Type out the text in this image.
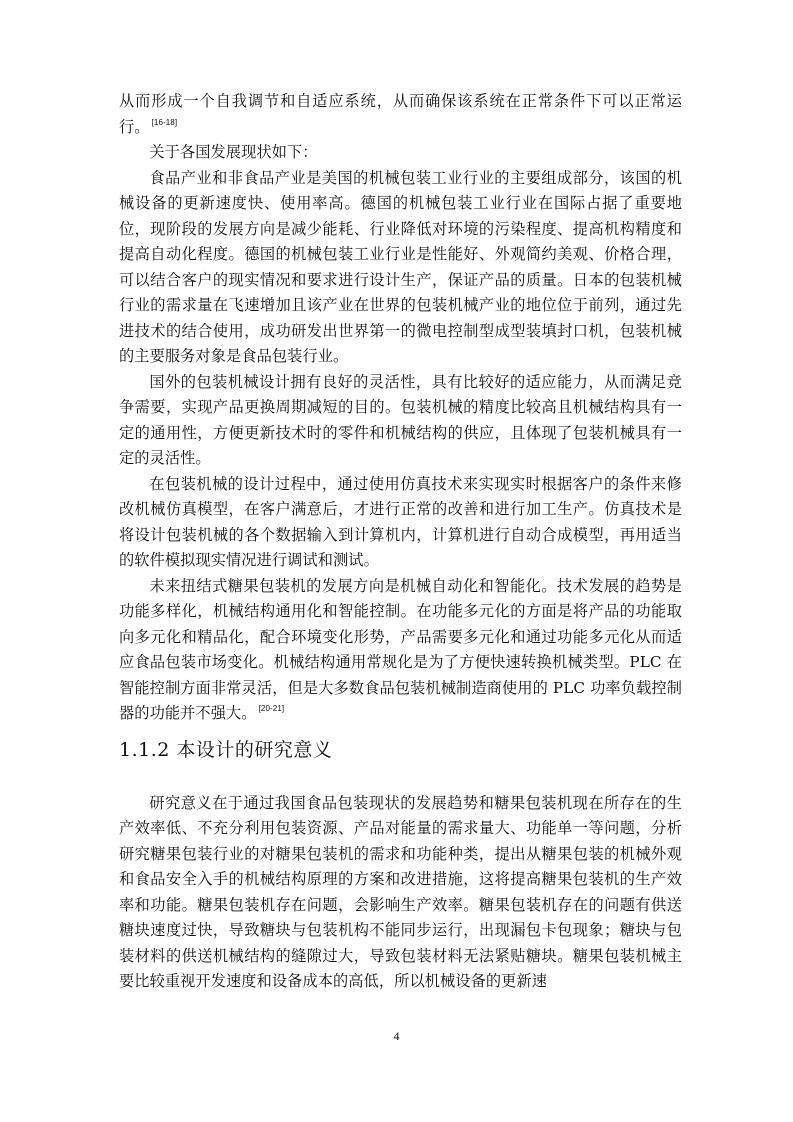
从而形成一个自我调节和自适应系统，从而确保该系统在正常条件下可以正常运行。 [16-18]

关于各国发展现状如下：

食品产业和非食品产业是美国的机械包装工业行业的主要组成部分，该国的机械设备的更新速度快、使用率高。德国的机械包装工业行业在国际占据了重要地位，现阶段的发展方向是减少能耗、行业降低对环境的污染程度、提高机构精度和提高自动化程度。德国的机械包装工业行业是性能好、外观简约美观、价格合理，可以结合客户的现实情况和要求进行设计生产，保证产品的质量。日本的包装机械行业的需求量在飞速增加且该产业在世界的包装机械产业的地位位于前列，通过先进技术的结合使用，成功研发出世界第一的微电控制型成型装填封口机，包装机械的主要服务对象是食品包装行业。

国外的包装机械设计拥有良好的灵活性，具有比较好的适应能力，从而满足竞争需要，实现产品更换周期减短的目的。包装机械的精度比较高且机械结构具有一定的通用性，方便更新技术时的零件和机械结构的供应，且体现了包装机械具有一定的灵活性。

在包装机械的设计过程中，通过使用仿真技术来实现实时根据客户的条件来修改机械仿真模型，在客户满意后，才进行正常的改善和进行加工生产。仿真技术是将设计包装机械的各个数据输入到计算机内，计算机进行自动合成模型，再用适当的软件模拟现实情况进行调试和测试。

未来扭结式糖果包装机的发展方向是机械自动化和智能化。技术发展的趋势是功能多样化，机械结构通用化和智能控制。在功能多元化的方面是将产品的功能取向多元化和精品化，配合环境变化形势，产品需要多元化和通过功能多元化从而适应食品包装市场变化。机械结构通用常规化是为了方便快速转换机械类型。PLC 在智能控制方面非常灵活，但是大多数食品包装机械制造商使用的 PLC 功率负载控制器的功能并不强大。 [20-21]

1.1.2 本设计的研究意义

研究意义在于通过我国食品包装现状的发展趋势和糖果包装机现在所存在的生产效率低、不充分利用包装资源、产品对能量的需求量大、功能单一等问题，分析研究糖果包装行业的对糖果包装机的需求和功能种类，提出从糖果包装的机械外观和食品安全入手的机械结构原理的方案和改进措施，这将提高糖果包装机的生产效率和功能。糖果包装机存在问题，会影响生产效率。糖果包装机存在的问题有供送糖块速度过快，导致糖块与包装机构不能同步运行，出现漏包卡包现象；糖块与包装材料的供送机械结构的缝隙过大，导致包装材料无法紧贴糖块。糖果包装机械主要比较重视开发速度和设备成本的高低，所以机械设备的更新速

4
